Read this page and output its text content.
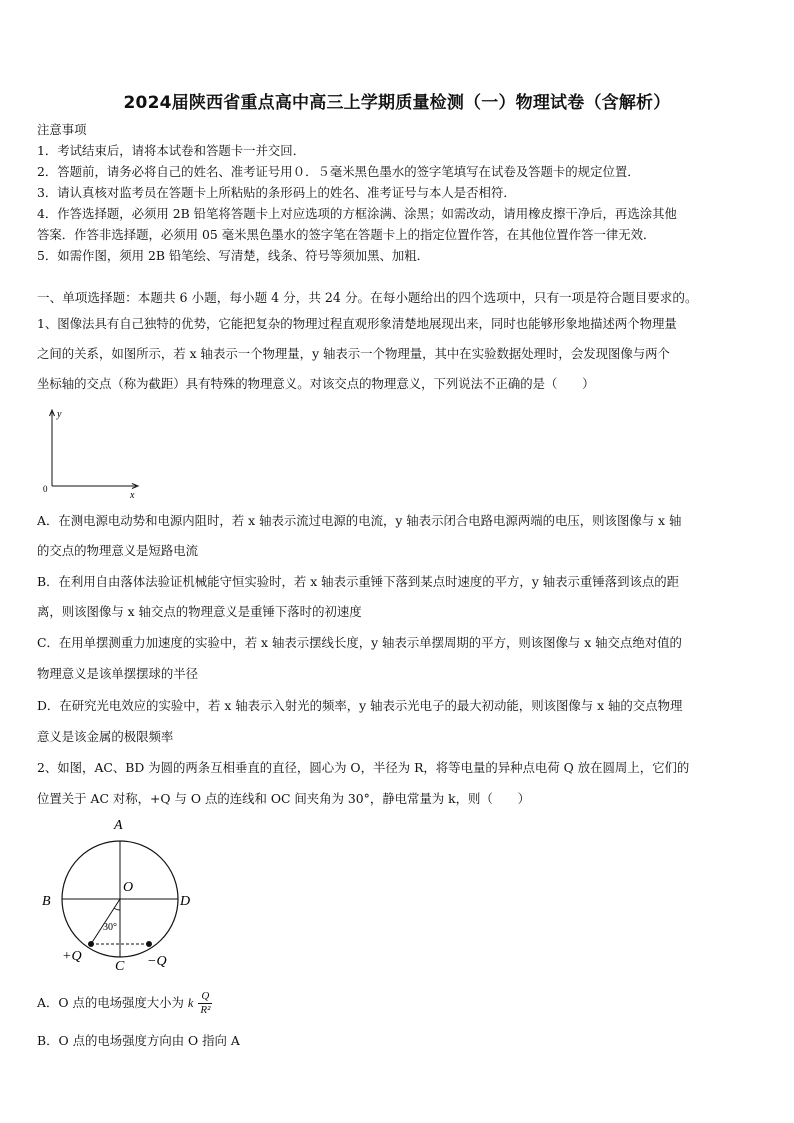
2024届陕西省重点高中高三上学期质量检测（一）物理试卷（含解析）
注意事项
1．考试结束后，请将本试卷和答题卡一并交回．
2．答题前，请务必将自己的姓名、准考证号用０．５毫米黑色墨水的签字笔填写在试卷及答题卡的规定位置．
3．请认真核对监考员在答题卡上所粘贴的条形码上的姓名、准考证号与本人是否相符．
4．作答选择题，必须用 2B 铅笔将答题卡上对应选项的方框涂满、涂黑；如需改动，请用橡皮擦干净后，再选涂其他
答案．作答非选择题，必须用 05 毫米黑色墨水的签字笔在答题卡上的指定位置作答，在其他位置作答一律无效．
5．如需作图，须用 2B 铅笔绘、写清楚，线条、符号等须加黑、加粗．
一、单项选择题：本题共 6 小题，每小题 4 分，共 24 分。在每小题给出的四个选项中，只有一项是符合题目要求的。
1、图像法具有自己独特的优势，它能把复杂的物理过程直观形象清楚地展现出来，同时也能够形象地描述两个物理量
之间的关系，如图所示，若 x 轴表示一个物理量，y 轴表示一个物理量，其中在实验数据处理时，会发现图像与两个
坐标轴的交点（称为截距）具有特殊的物理意义。对该交点的物理意义，下列说法不正确的是（　　）
y
x
0
A．在测电源电动势和电源内阻时，若 x 轴表示流过电源的电流，y 轴表示闭合电路电源两端的电压，则该图像与 x 轴
的交点的物理意义是短路电流
B．在利用自由落体法验证机械能守恒实验时，若 x 轴表示重锤下落到某点时速度的平方，y 轴表示重锤落到该点的距
离，则该图像与 x 轴交点的物理意义是重锤下落时的初速度
C．在用单摆测重力加速度的实验中，若 x 轴表示摆线长度，y 轴表示单摆周期的平方，则该图像与 x 轴交点绝对值的
物理意义是该单摆摆球的半径
D．在研究光电效应的实验中，若 x 轴表示入射光的频率，y 轴表示光电子的最大初动能，则该图像与 x 轴的交点物理
意义是该金属的极限频率
2、如图，AC、BD 为圆的两条互相垂直的直径，圆心为 O，半径为 R，将等电量的异种点电荷 Q 放在圆周上，它们的
位置关于 AC 对称，+Q 与 O 点的连线和 OC 间夹角为 30°，静电常量为 k，则（　　）
A
B	D
O
C
30°
+Q	−Q
A．O 点的电场强度大小为 k $\frac{Q}{\text{R²}}$
B．O 点的电场强度方向由 O 指向 A
